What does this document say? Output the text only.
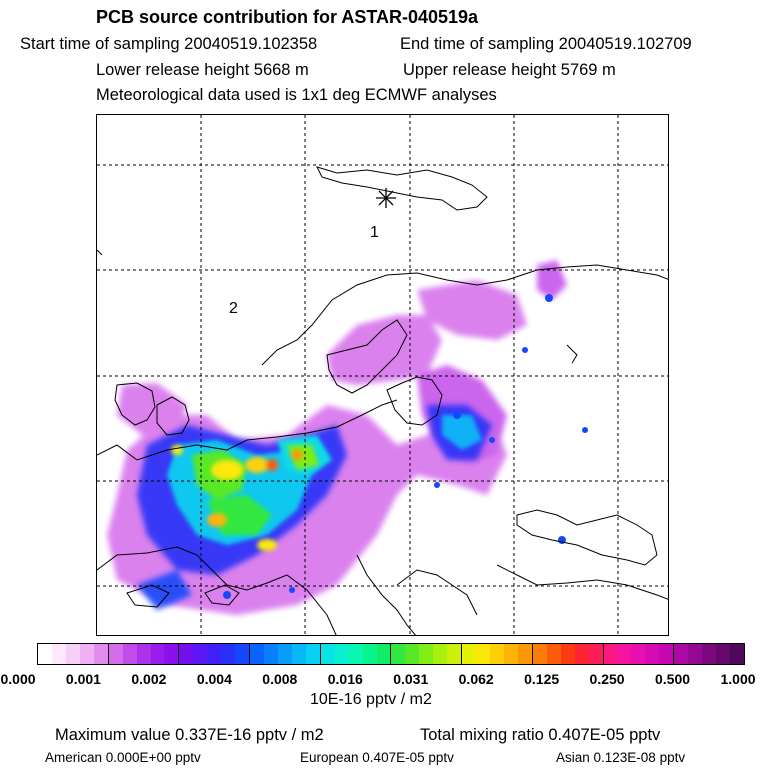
PCB source contribution for ASTAR-040519a
Start time of sampling 20040519.102358	End time of sampling 20040519.102709
Lower release height 5668 m	Upper release height 5769 m
Meteorological data used is 1x1 deg ECMWF analyses
1
2
0.000 0.001 0.002 0.004 0.008 0.016 0.031 0.062 0.125 0.250 0.500 1.000
10E-16 pptv / m2
Maximum value 0.337E-16 pptv / m2	Total mixing ratio 0.407E-05 pptv
American 0.000E+00 pptv	European 0.407E-05 pptv	Asian 0.123E-08 pptv
